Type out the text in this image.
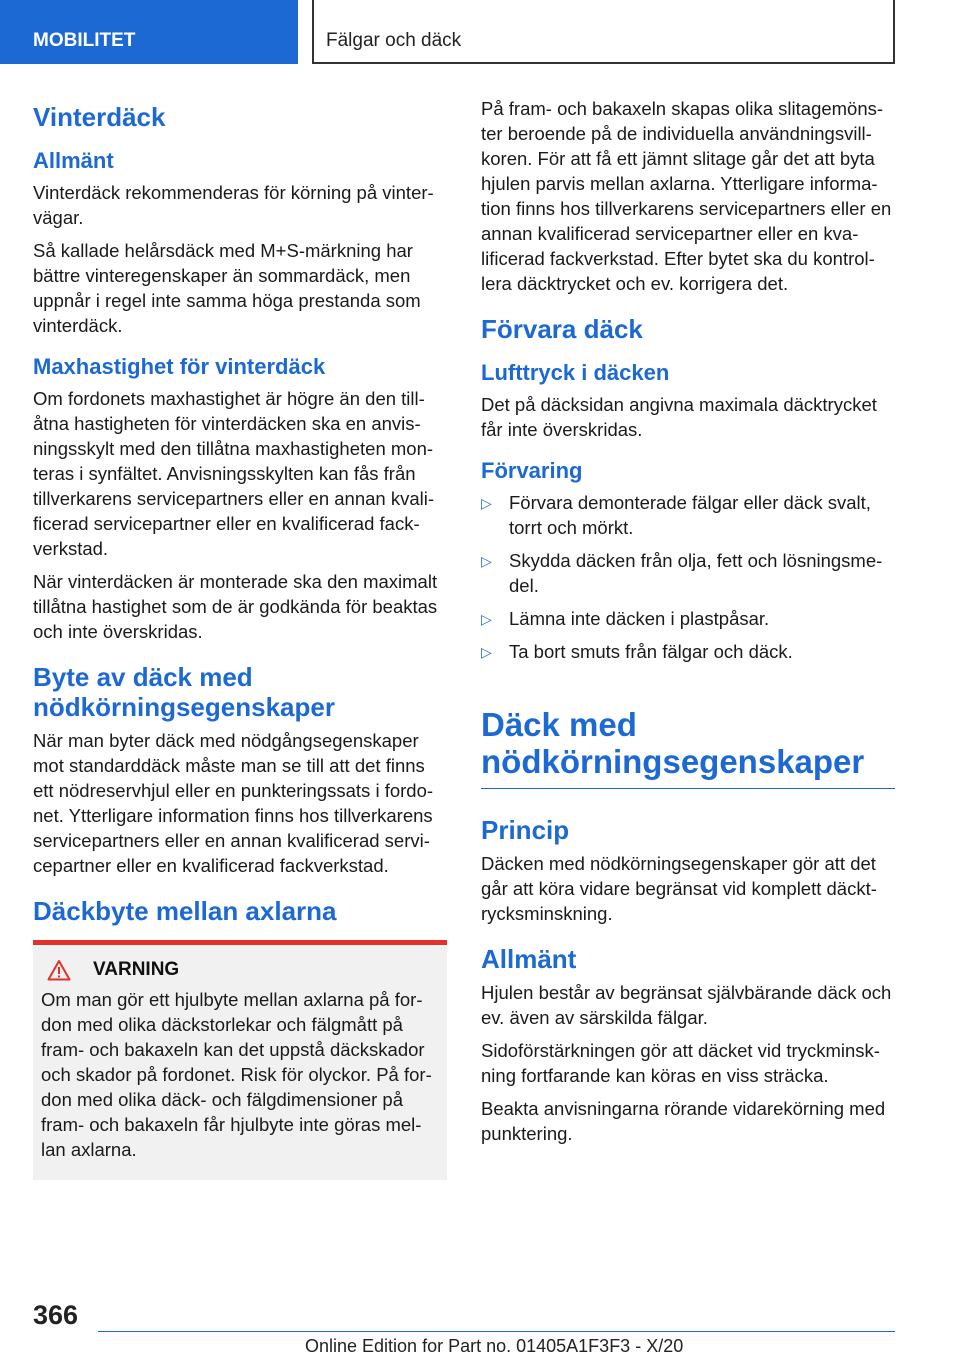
MOBILITET	Fälgar och däck
Vinterdäck
Allmänt

Vinterdäck rekommenderas för körning på vintervägar.

Så kallade helårsdäck med M+S-märkning har bättre vinteregenskaper än sommardäck, men uppnår i regel inte samma höga prestanda som vinterdäck.

Maxhastighet för vinterdäck

Om fordonets maxhastighet är högre än den tillåtna hastigheten för vinterdäcken ska en anvisningsskylt med den tillåtna maxhastigheten monteras i synfältet. Anvisningsskylten kan fås från tillverkarens servicepartners eller en annan kvalificerad servicepartner eller en kvalificerad fackverkstad.

När vinterdäcken är monterade ska den maximalt tillåtna hastighet som de är godkända för beaktas och inte överskridas.

Byte av däck med nödkörningsegenskaper

När man byter däck med nödgångsegenskaper mot standarddäck måste man se till att det finns ett nödreservhjul eller en punkteringssats i fordonet. Ytterligare information finns hos tillverkarens servicepartners eller en annan kvalificerad servicepartner eller en kvalificerad fackverkstad.

Däckbyte mellan axlarna
VARNING

Om man gör ett hjulbyte mellan axlarna på fordon med olika däckstorlekar och fälgmått på fram- och bakaxeln kan det uppstå däckskador och skador på fordonet. Risk för olyckor. På fordon med olika däck- och fälgdimensioner på fram- och bakaxeln får hjulbyte inte göras mellan axlarna.

På fram- och bakaxeln skapas olika slitagemönster beroende på de individuella användningsvillkoren. För att få ett jämnt slitage går det att byta hjulen parvis mellan axlarna. Ytterligare information finns hos tillverkarens servicepartners eller en annan kvalificerad servicepartner eller en kvalificerad fackverkstad. Efter bytet ska du kontrollera däcktrycket och ev. korrigera det.

Förvara däck
Lufttryck i däcken

Det på däcksidan angivna maximala däcktrycket får inte överskridas.

Förvaring
▷ Förvara demonterade fälgar eller däck svalt, torrt och mörkt.
▷ Skydda däcken från olja, fett och lösningsmedel.
▷ Lämna inte däcken i plastpåsar.
▷ Ta bort smuts från fälgar och däck.
Däck med nödkörningsegenskaper
Princip

Däcken med nödkörningsegenskaper gör att det går att köra vidare begränsat vid komplett däcktrycksminskning.

Allmänt

Hjulen består av begränsat självbärande däck och ev. även av särskilda fälgar.

Sidoförstärkningen gör att däcket vid tryckminskning fortfarande kan köras en viss sträcka.

Beakta anvisningarna rörande vidarekörning med punktering.

366
Online Edition for Part no. 01405A1F3F3 - X/20
